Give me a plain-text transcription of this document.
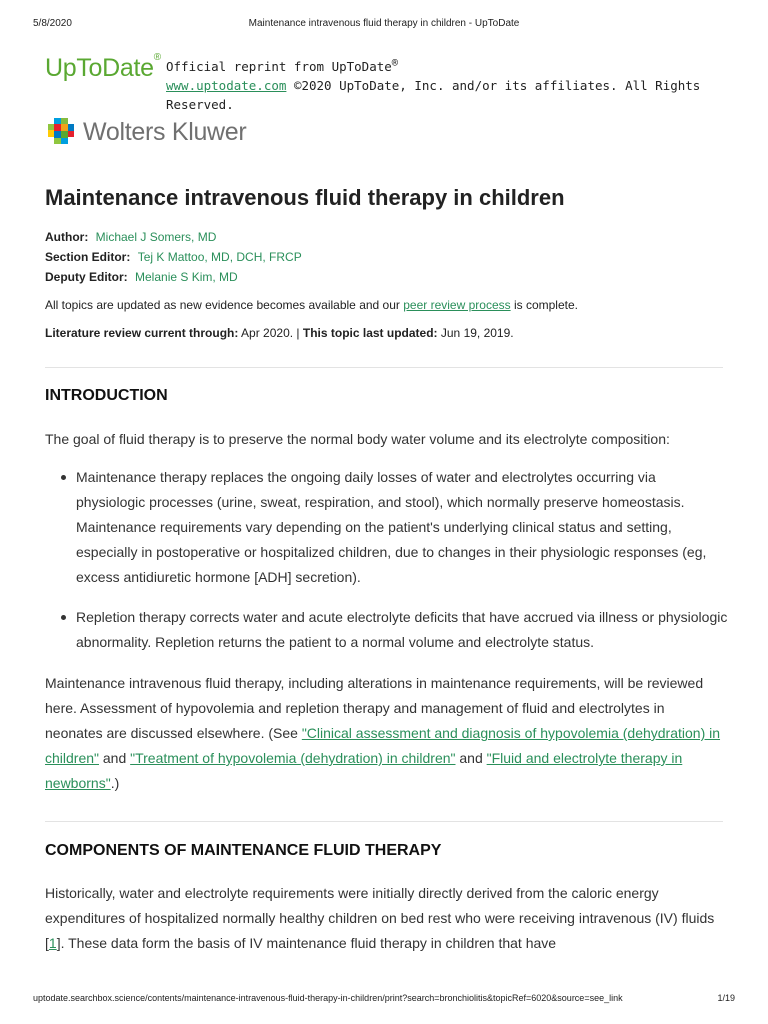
5/8/2020	Maintenance intravenous fluid therapy in children - UpToDate
UpToDate®
Official reprint from UpToDate®
www.uptodate.com ©2020 UpToDate, Inc. and/or its affiliates. All Rights Reserved.
Wolters Kluwer
Maintenance intravenous fluid therapy in children
Author: Michael J Somers, MD
Section Editor: Tej K Mattoo, MD, DCH, FRCP
Deputy Editor: Melanie S Kim, MD
All topics are updated as new evidence becomes available and our peer review process is complete.
Literature review current through: Apr 2020. | This topic last updated: Jun 19, 2019.
INTRODUCTION

The goal of fluid therapy is to preserve the normal body water volume and its electrolyte composition:

Maintenance therapy replaces the ongoing daily losses of water and electrolytes occurring via physiologic processes (urine, sweat, respiration, and stool), which normally preserve homeostasis. Maintenance requirements vary depending on the patient's underlying clinical status and setting, especially in postoperative or hospitalized children, due to changes in their physiologic responses (eg, excess antidiuretic hormone [ADH] secretion).
Repletion therapy corrects water and acute electrolyte deficits that have accrued via illness or physiologic abnormality. Repletion returns the patient to a normal volume and electrolyte status.

Maintenance intravenous fluid therapy, including alterations in maintenance requirements, will be reviewed here. Assessment of hypovolemia and repletion therapy and management of fluid and electrolytes in neonates are discussed elsewhere. (See "Clinical assessment and diagnosis of hypovolemia (dehydration) in children" and "Treatment of hypovolemia (dehydration) in children" and "Fluid and electrolyte therapy in newborns".)

COMPONENTS OF MAINTENANCE FLUID THERAPY

Historically, water and electrolyte requirements were initially directly derived from the caloric energy expenditures of hospitalized normally healthy children on bed rest who were receiving intravenous (IV) fluids [1]. These data form the basis of IV maintenance fluid therapy in children that have

uptodate.searchbox.science/contents/maintenance-intravenous-fluid-therapy-in-children/print?search=bronchiolitis&topicRef=6020&source=see_link	1/19
